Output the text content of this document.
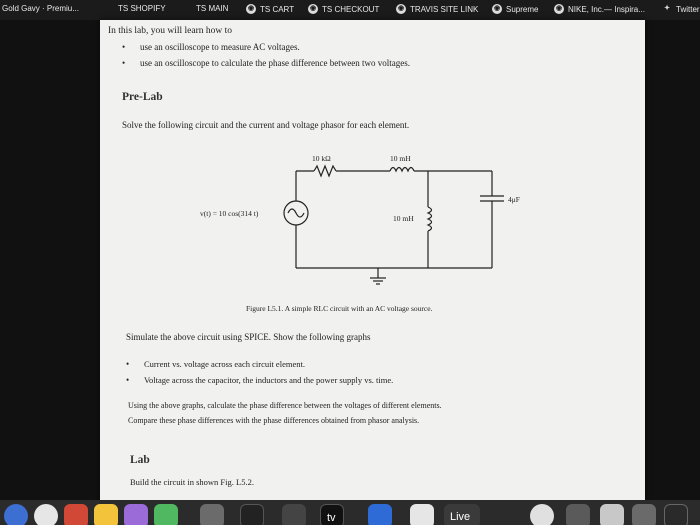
Gold Gavy · Premiu...	TS SHOPIFY	TS MAIN	◉ TS CART ◉ TS CHECKOUT	◉ TRAVIS SITE LINK ◉ Supreme ◉ NIKE, Inc.— Inspira...	✦ Twitter
In this lab, you will learn how to
• use an oscilloscope to measure AC voltages.
• use an oscilloscope to calculate the phase difference between two voltages.
Pre-Lab
Solve the following circuit and the current and voltage phasor for each element.
10 kΩ	10 mH
4μF
v(t) = 10 cos(314 t)
10 mH
Figure L5.1. A simple RLC circuit with an AC voltage source.
Simulate the above circuit using SPICE. Show the following graphs
• Current vs. voltage across each circuit element.
• Voltage across the capacitor, the inductors and the power supply vs. time.
Using the above graphs, calculate the phase difference between the voltages of different elements.
Compare these phase differences with the phase differences obtained from phasor analysis.
Lab
Build the circuit in shown Fig. L5.2.
tv	Live
